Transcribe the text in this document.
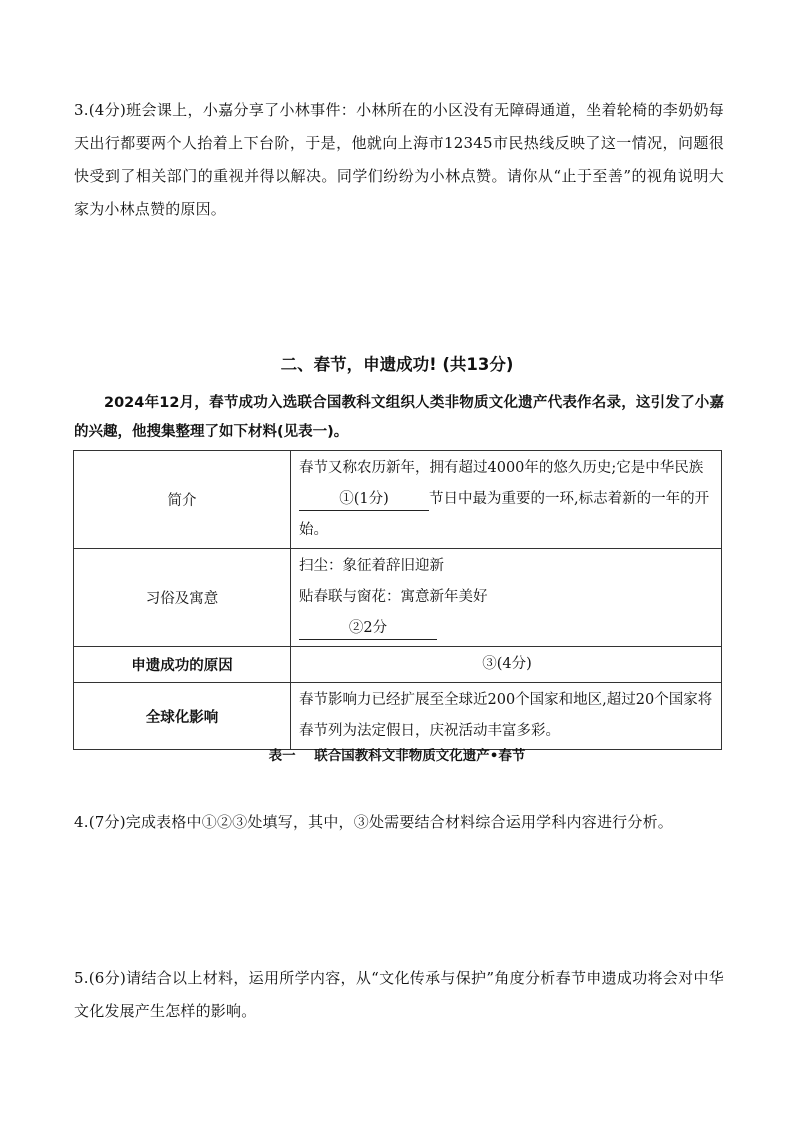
3.(4分)班会课上，小嘉分享了小林事件：小林所在的小区没有无障碍通道，坐着轮椅的李奶奶每天出行都要两个人抬着上下台阶，于是，他就向上海市12345市民热线反映了这一情况，问题很快受到了相关部门的重视并得以解决。同学们纷纷为小林点赞。请你从“止于至善”的视角说明大家为小林点赞的原因。

二、春节，申遗成功! (共13分)

2024年12月，春节成功入选联合国教科文组织人类非物质文化遗产代表作名录，这引发了小嘉的兴趣，他搜集整理了如下材料(见表一)。

简介	春节又称农历新年，拥有超过4000年的悠久历史;它是中华民族①(1分) 节日中最为重要的一环,标志着新的一年的开始。
习俗及寓意	扫尘：象征着辞旧迎新
贴春联与窗花：寓意新年美好
②2分

申遗成功的原因	③(4分)
全球化影响	春节影响力已经扩展至全球近200个国家和地区,超过20个国家将春节列为法定假日，庆祝活动丰富多彩。

表一 联合国教科文非物质文化遗产•春节

4.(7分)完成表格中①②③处填写，其中，③处需要结合材料综合运用学科内容进行分析。

5.(6分)请结合以上材料，运用所学内容，从“文化传承与保护”角度分析春节申遗成功将会对中华文化发展产生怎样的影响。
